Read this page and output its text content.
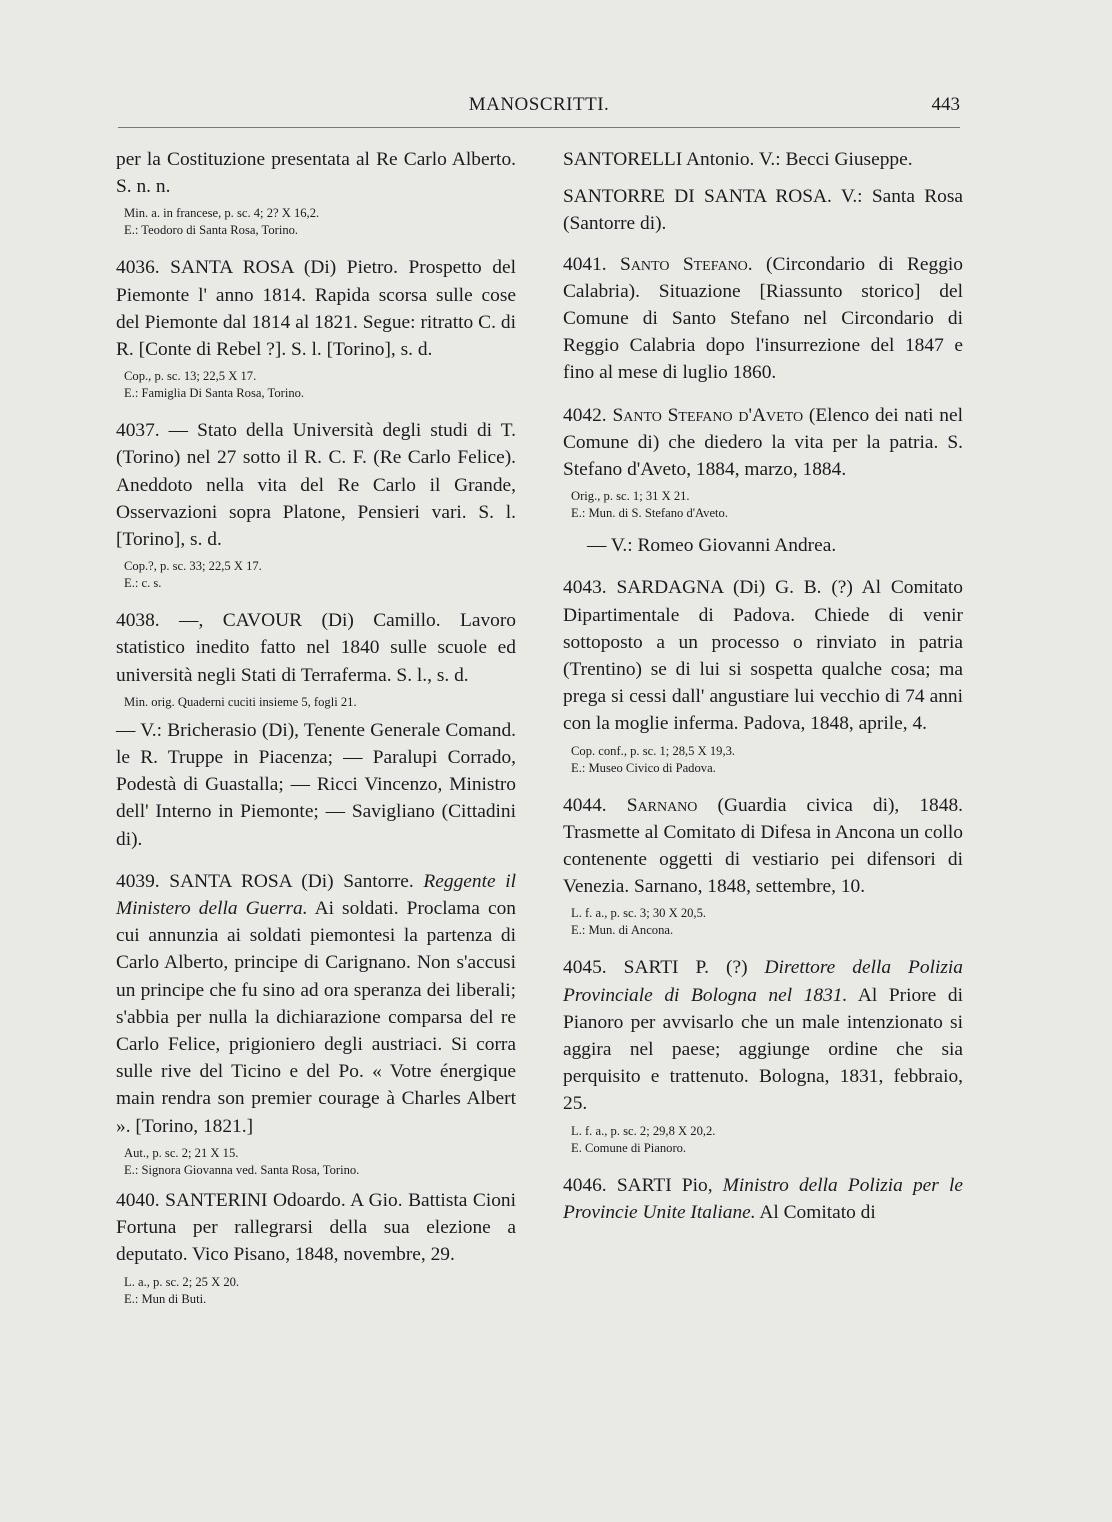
MANOSCRITTI.	443

per la Costituzione presentata al Re Carlo Alberto. S. n. n.

Min. a. in francese, p. sc. 4; 2? X 16,2.

E.: Teodoro di Santa Rosa, Torino.

4036. SANTA ROSA (Di) Pietro. Prospetto del Piemonte l' anno 1814. Rapida scorsa sulle cose del Piemonte dal 1814 al 1821. Segue: ritratto C. di R. [Conte di Rebel ?]. S. l. [Torino], s. d.

Cop., p. sc. 13; 22,5 X 17.

E.: Famiglia Di Santa Rosa, Torino.

4037. — Stato della Università degli studi di T. (Torino) nel 27 sotto il R. C. F. (Re Carlo Felice). Aneddoto nella vita del Re Carlo il Grande, Osservazioni sopra Platone, Pensieri vari. S. l. [Torino], s. d.

Cop.?, p. sc. 33; 22,5 X 17.

E.: c. s.

4038. —, CAVOUR (Di) Camillo. Lavoro statistico inedito fatto nel 1840 sulle scuole ed università negli Stati di Terraferma. S. l., s. d.

Min. orig. Quaderni cuciti insieme 5, fogli 21.

— V.: Bricherasio (Di), Tenente Generale Comand. le R. Truppe in Piacenza; — Paralupi Corrado, Podestà di Guastalla; — Ricci Vincenzo, Ministro dell' Interno in Piemonte; — Savigliano (Cittadini di).

4039. SANTA ROSA (Di) Santorre. Reggente il Ministero della Guerra. Ai soldati. Proclama con cui annunzia ai soldati piemontesi la partenza di Carlo Alberto, principe di Carignano. Non s'accusi un principe che fu sino ad ora speranza dei liberali; s'abbia per nulla la dichiarazione comparsa del re Carlo Felice, prigioniero degli austriaci. Si corra sulle rive del Ticino e del Po. « Votre énergique main rendra son premier courage à Charles Albert ». [Torino, 1821.]

Aut., p. sc. 2; 21 X 15.

E.: Signora Giovanna ved. Santa Rosa, Torino.

4040. SANTERINI Odoardo. A Gio. Battista Cioni Fortuna per rallegrarsi della sua elezione a deputato. Vico Pisano, 1848, novembre, 29.

L. a., p. sc. 2; 25 X 20.

E.: Mun di Buti.

SANTORELLI Antonio. V.: Becci Giuseppe.

SANTORRE DI SANTA ROSA. V.: Santa Rosa (Santorre di).

4041. Santo Stefano. (Circondario di Reggio Calabria). Situazione [Riassunto storico] del Comune di Santo Stefano nel Circondario di Reggio Calabria dopo l'insurrezione del 1847 e fino al mese di luglio 1860.

4042. Santo Stefano d'Aveto (Elenco dei nati nel Comune di) che diedero la vita per la patria. S. Stefano d'Aveto, 1884, marzo, 1884.

Orig., p. sc. 1; 31 X 21.

E.: Mun. di S. Stefano d'Aveto.

— V.: Romeo Giovanni Andrea.

4043. SARDAGNA (Di) G. B. (?) Al Comitato Dipartimentale di Padova. Chiede di venir sottoposto a un processo o rinviato in patria (Trentino) se di lui si sospetta qualche cosa; ma prega si cessi dall' angustiare lui vecchio di 74 anni con la moglie inferma. Padova, 1848, aprile, 4.

Cop. conf., p. sc. 1; 28,5 X 19,3.

E.: Museo Civico di Padova.

4044. Sarnano (Guardia civica di), 1848. Trasmette al Comitato di Difesa in Ancona un collo contenente oggetti di vestiario pei difensori di Venezia. Sarnano, 1848, settembre, 10.

L. f. a., p. sc. 3; 30 X 20,5.

E.: Mun. di Ancona.

4045. SARTI P. (?) Direttore della Polizia Provinciale di Bologna nel 1831. Al Priore di Pianoro per avvisarlo che un male intenzionato si aggira nel paese; aggiunge ordine che sia perquisito e trattenuto. Bologna, 1831, febbraio, 25.

L. f. a., p. sc. 2; 29,8 X 20,2.

E. Comune di Pianoro.

4046. SARTI Pio, Ministro della Polizia per le Provincie Unite Italiane. Al Comitato di
